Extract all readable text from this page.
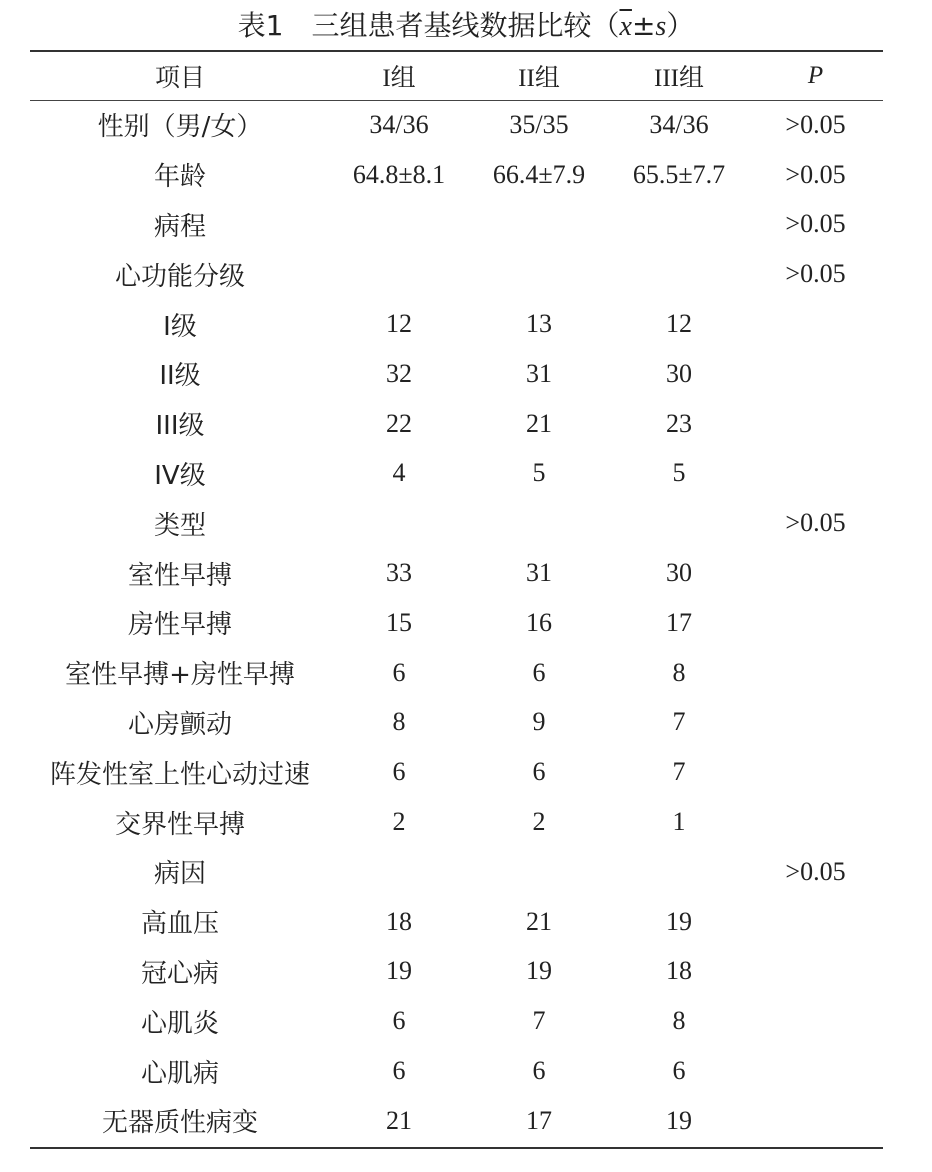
表1　三组患者基线数据比较$(\overline{x}\pm s)$
项目	I组	II组	III组	P
性别（男/女）	34/36	35/35	34/36	>0.05
年龄	64.8±8.1	66.4±7.9	65.5±7.7	>0.05
病程				>0.05
心功能分级				>0.05
I级	12	13	12	
II级	32	31	30	
III级	22	21	23	
IV级	4	5	5	
类型				>0.05
室性早搏	33	31	30	
房性早搏	15	16	17	
室性早搏+房性早搏	6	6	8	
心房颤动	8	9	7	
阵发性室上性心动过速	6	6	7	
交界性早搏	2	2	1	
病因				>0.05
高血压	18	21	19	
冠心病	19	19	18	
心肌炎	6	7	8	
心肌病	6	6	6	
无器质性病变	21	17	19	
